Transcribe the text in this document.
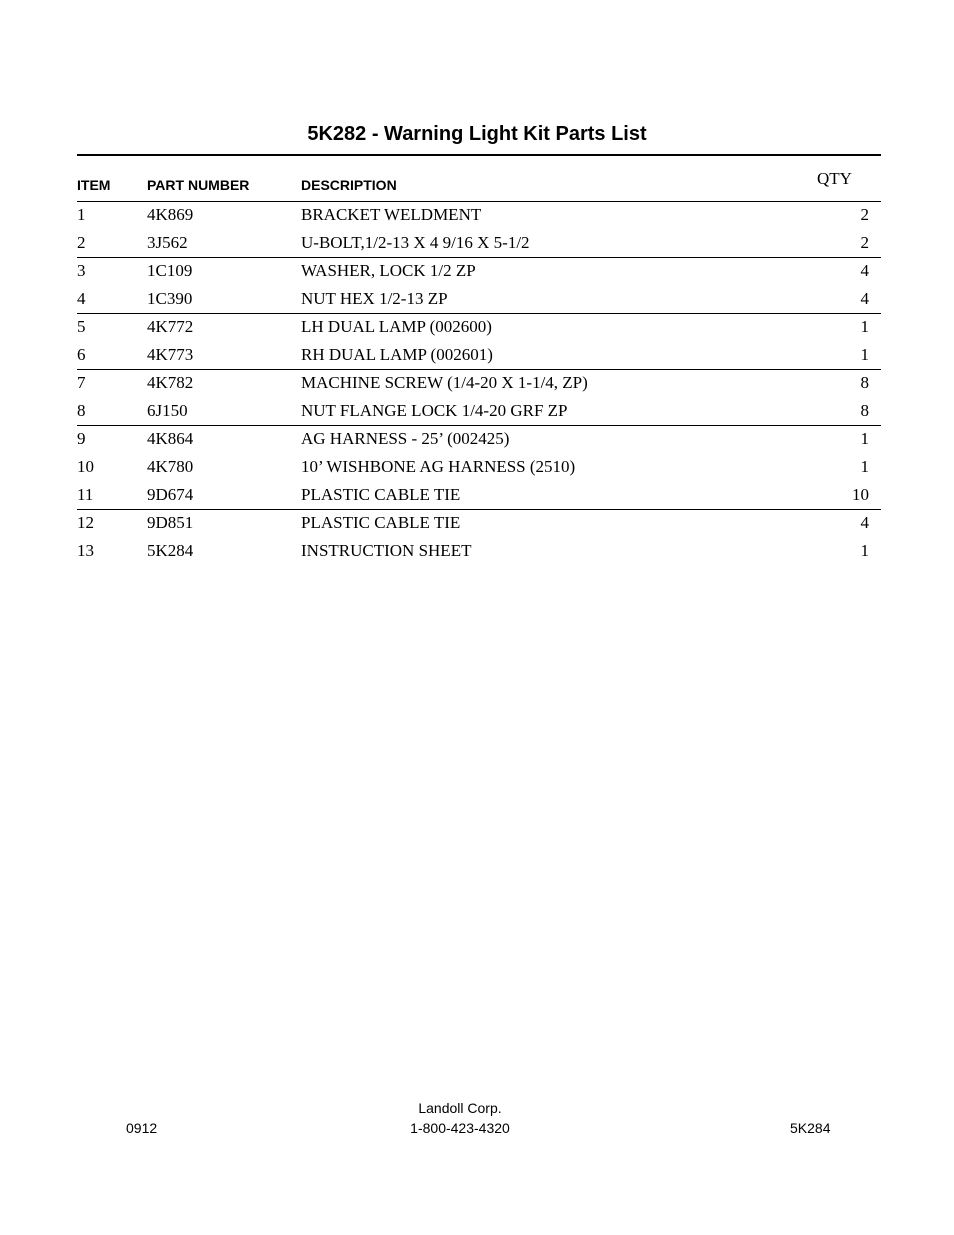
5K282 - Warning Light Kit Parts List
ITEM	PART NUMBER	DESCRIPTION	QTY
1	4K869	BRACKET WELDMENT	2
2	3J562	U-BOLT,1/2-13 X 4 9/16 X 5-1/2	2
3	1C109	WASHER, LOCK 1/2 ZP	4
4	1C390	NUT HEX 1/2-13 ZP	4
5	4K772	LH DUAL LAMP (002600)	1
6	4K773	RH DUAL LAMP (002601)	1
7	4K782	MACHINE SCREW (1/4-20 X 1-1/4, ZP)	8
8	6J150	NUT FLANGE LOCK 1/4-20 GRF ZP	8
9	4K864	AG HARNESS - 25’ (002425)	1
10	4K780	10’ WISHBONE AG HARNESS (2510)	1
11	9D674	PLASTIC CABLE TIE	10
12	9D851	PLASTIC CABLE TIE	4
13	5K284	INSTRUCTION SHEET	1
Landoll Corp.
1-800-423-4320
0912	5K284
